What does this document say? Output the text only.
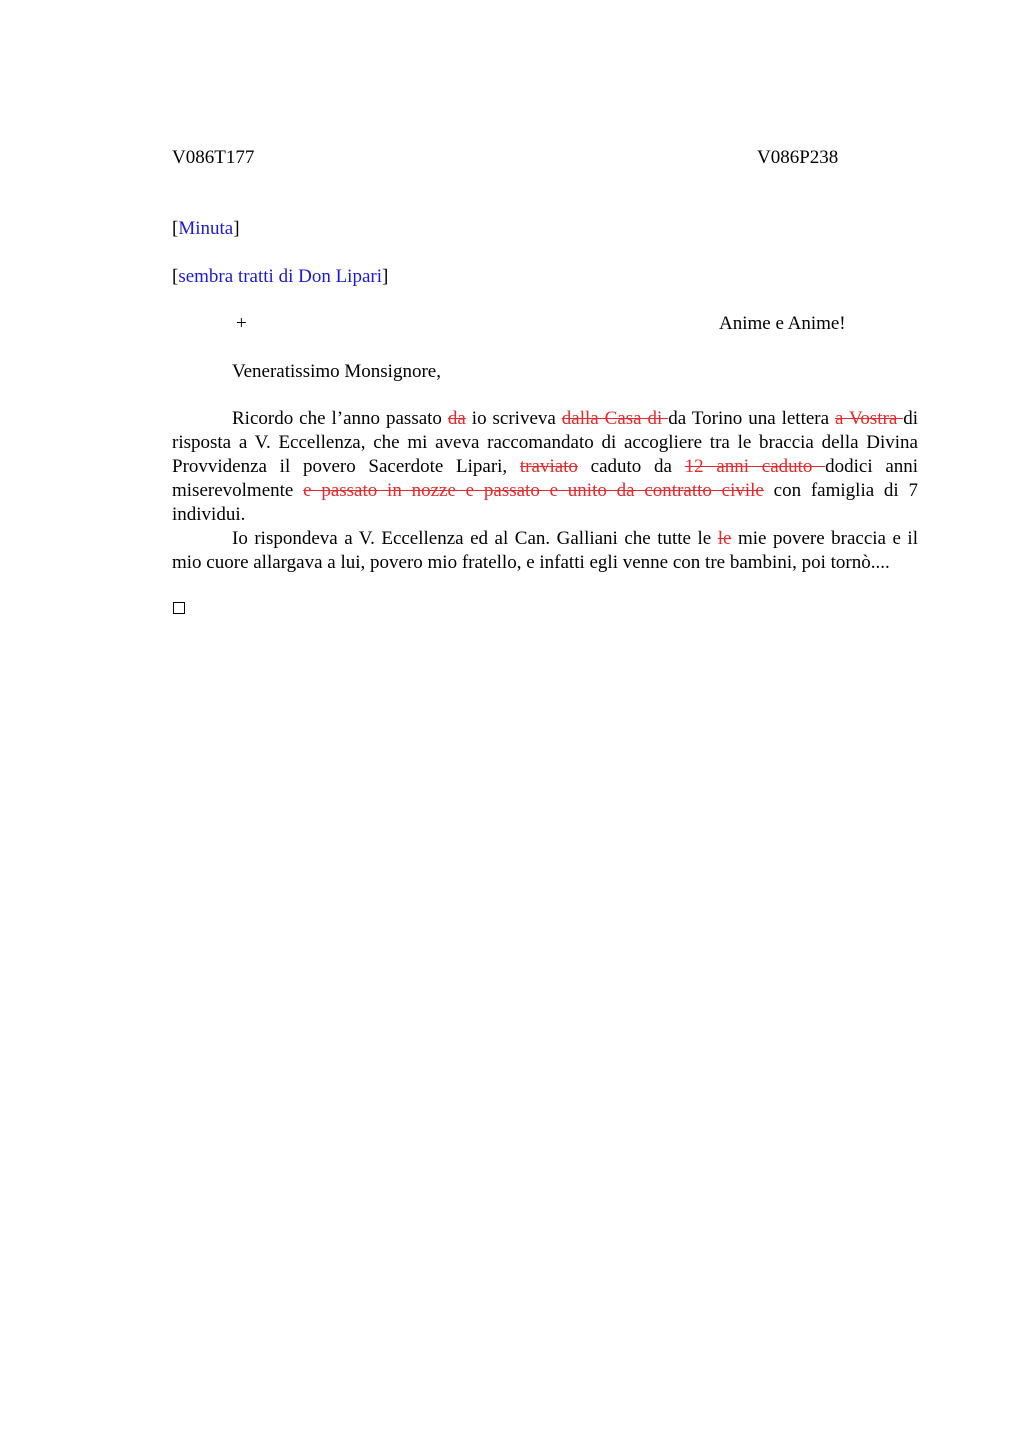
V086T177	V086P238
[Minuta]
[sembra tratti di Don Lipari]
+	Anime e Anime!
Veneratissimo Monsignore,

Ricordo che l’anno passato da io scriveva dalla Casa di da Torino una lettera a Vostra di risposta a V. Eccellenza, che mi aveva raccomandato di accogliere tra le braccia della Divina Provvidenza il povero Sacerdote Lipari, traviato caduto da 12 anni caduto dodici anni miserevolmente e passato in nozze e passato e unito da contratto civile con famiglia di 7 individui.

Io rispondeva a V. Eccellenza ed al Can. Galliani che tutte le le mie povere braccia e il mio cuore allargava a lui, povero mio fratello, e infatti egli venne con tre bambini, poi tornò....
